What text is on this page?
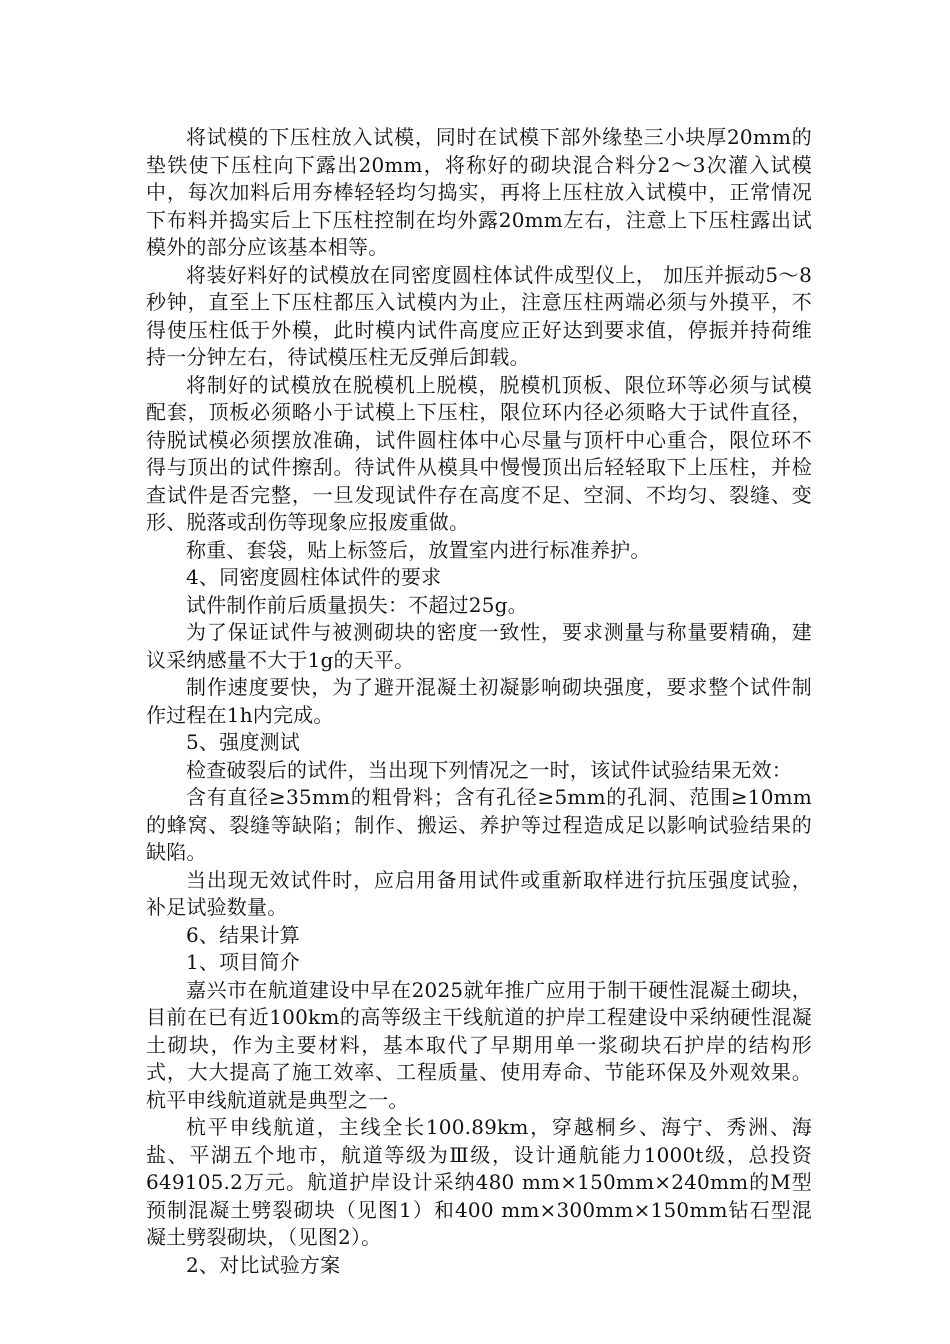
将试模的下压柱放入试模，同时在试模下部外缘垫三小块厚20mm的垫铁使下压柱向下露出20mm，将称好的砌块混合料分2～3次灌入试模中，每次加料后用夯棒轻轻均匀捣实，再将上压柱放入试模中，正常情况下布料并捣实后上下压柱控制在均外露20mm左右，注意上下压柱露出试模外的部分应该基本相等。

将装好料好的试模放在同密度圆柱体试件成型仪上， 加压并振动5～8秒钟，直至上下压柱都压入试模内为止，注意压柱两端必须与外摸平，不得使压柱低于外模，此时模内试件高度应正好达到要求值，停振并持荷维持一分钟左右，待试模压柱无反弹后卸载。

将制好的试模放在脱模机上脱模，脱模机顶板、限位环等必须与试模配套，顶板必须略小于试模上下压柱，限位环内径必须略大于试件直径，待脱试模必须摆放准确，试件圆柱体中心尽量与顶杆中心重合，限位环不得与顶出的试件擦刮。待试件从模具中慢慢顶出后轻轻取下上压柱，并检查试件是否完整，一旦发现试件存在高度不足、空洞、不均匀、裂缝、变形、脱落或刮伤等现象应报废重做。

称重、套袋，贴上标签后，放置室内进行标准养护。

4、同密度圆柱体试件的要求

试件制作前后质量损失：不超过25g。

为了保证试件与被测砌块的密度一致性，要求测量与称量要精确，建议采纳感量不大于1g的天平。

制作速度要快，为了避开混凝土初凝影响砌块强度，要求整个试件制作过程在1h内完成。

5、强度测试

检查破裂后的试件，当出现下列情况之一时，该试件试验结果无效：

含有直径≥35mm的粗骨料；含有孔径≥5mm的孔洞、范围≥10mm的蜂窝、裂缝等缺陷；制作、搬运、养护等过程造成足以影响试验结果的缺陷。

当出现无效试件时，应启用备用试件或重新取样进行抗压强度试验，补足试验数量。

6、结果计算

1、项目简介

嘉兴市在航道建设中早在2025就年推广应用于制干硬性混凝土砌块，目前在已有近100km的高等级主干线航道的护岸工程建设中采纳硬性混凝土砌块，作为主要材料，基本取代了早期用单一浆砌块石护岸的结构形式，大大提高了施工效率、工程质量、使用寿命、节能环保及外观效果。杭平申线航道就是典型之一。

杭平申线航道，主线全长100.89km，穿越桐乡、海宁、秀洲、海盐、平湖五个地市，航道等级为Ⅲ级，设计通航能力1000t级，总投资 649105.2万元。航道护岸设计采纳480 mm×150mm×240mm的M型预制混凝土劈裂砌块（见图1）和400 mm×300mm×150mm钻石型混凝土劈裂砌块，（见图2）。

2、对比试验方案
